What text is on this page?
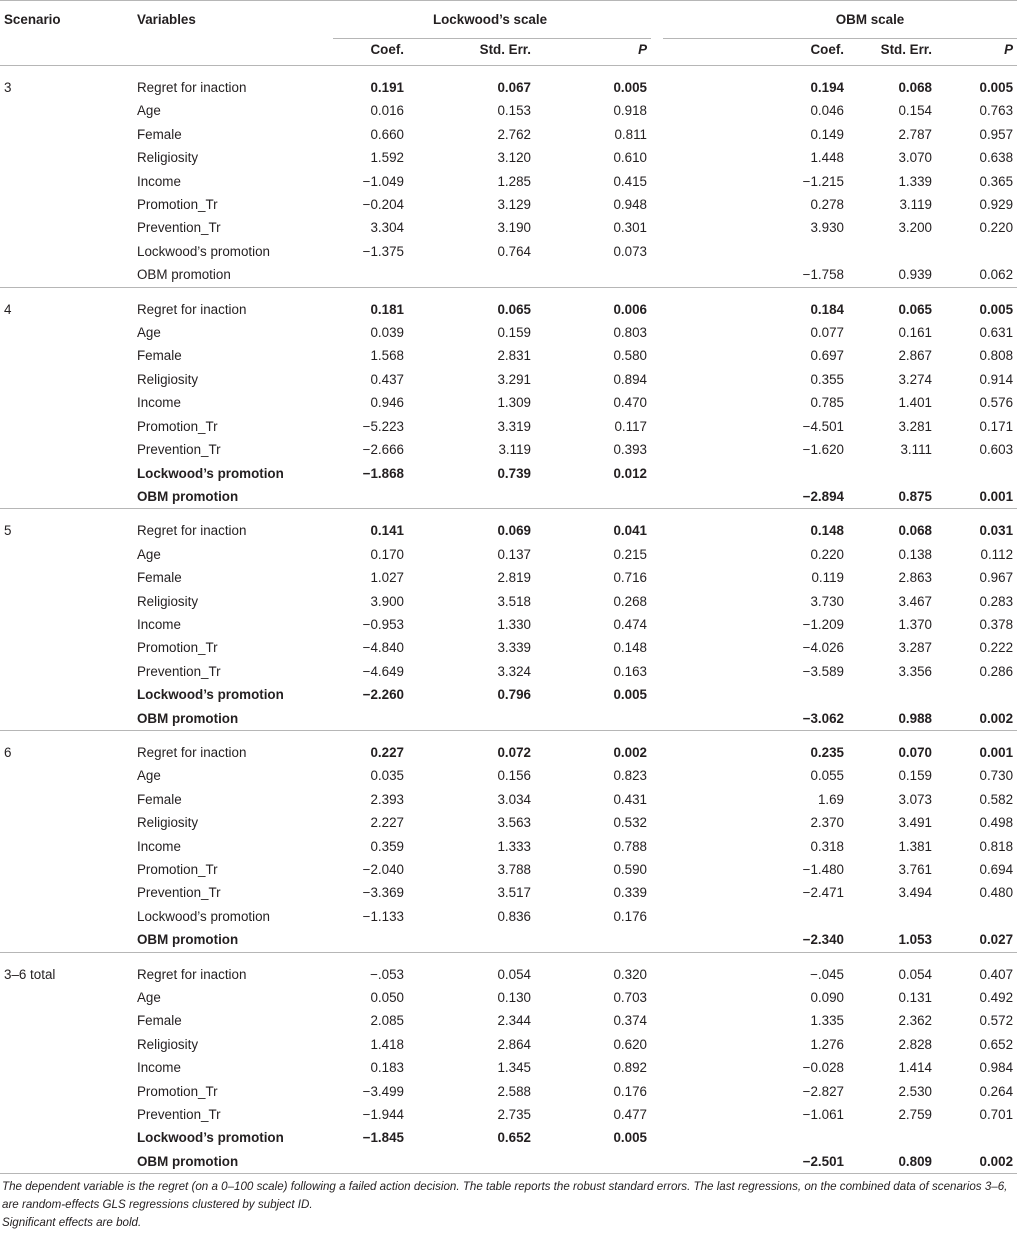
Scenario	Variables	Lockwood’s scale				OBM scale		

		Coef.	Std. Err.	P	Coef.		Std. Err.	P
3	Regret for inaction	0.191	0.067	0.005		0.194	0.068	0.005
	Age	0.016	0.153	0.918		0.046	0.154	0.763
	Female	0.660	2.762	0.811		0.149	2.787	0.957
	Religiosity	1.592	3.120	0.610		1.448	3.070	0.638
	Income	−1.049	1.285	0.415		−1.215	1.339	0.365
	Promotion_Tr	−0.204	3.129	0.948		0.278	3.119	0.929
	Prevention_Tr	3.304	3.190	0.301		3.930	3.200	0.220
	Lockwood’s promotion	−1.375	0.764	0.073				
	OBM promotion					−1.758	0.939	0.062
4	Regret for inaction	0.181	0.065	0.006		0.184	0.065	0.005
	Age	0.039	0.159	0.803		0.077	0.161	0.631
	Female	1.568	2.831	0.580		0.697	2.867	0.808
	Religiosity	0.437	3.291	0.894		0.355	3.274	0.914
	Income	0.946	1.309	0.470		0.785	1.401	0.576
	Promotion_Tr	−5.223	3.319	0.117		−4.501	3.281	0.171
	Prevention_Tr	−2.666	3.119	0.393		−1.620	3.111	0.603
	Lockwood’s promotion	−1.868	0.739	0.012				
	OBM promotion					−2.894	0.875	0.001
5	Regret for inaction	0.141	0.069	0.041		0.148	0.068	0.031
	Age	0.170	0.137	0.215		0.220	0.138	0.112
	Female	1.027	2.819	0.716		0.119	2.863	0.967
	Religiosity	3.900	3.518	0.268		3.730	3.467	0.283
	Income	−0.953	1.330	0.474		−1.209	1.370	0.378
	Promotion_Tr	−4.840	3.339	0.148		−4.026	3.287	0.222
	Prevention_Tr	−4.649	3.324	0.163		−3.589	3.356	0.286
	Lockwood’s promotion	−2.260	0.796	0.005				
	OBM promotion					−3.062	0.988	0.002
6	Regret for inaction	0.227	0.072	0.002		0.235	0.070	0.001
	Age	0.035	0.156	0.823		0.055	0.159	0.730
	Female	2.393	3.034	0.431		1.69	3.073	0.582
	Religiosity	2.227	3.563	0.532		2.370	3.491	0.498
	Income	0.359	1.333	0.788		0.318	1.381	0.818
	Promotion_Tr	−2.040	3.788	0.590		−1.480	3.761	0.694
	Prevention_Tr	−3.369	3.517	0.339		−2.471	3.494	0.480
	Lockwood’s promotion	−1.133	0.836	0.176				
	OBM promotion					−2.340	1.053	0.027
3–6 total	Regret for inaction	−.053	0.054	0.320		−.045	0.054	0.407
	Age	0.050	0.130	0.703		0.090	0.131	0.492
	Female	2.085	2.344	0.374		1.335	2.362	0.572
	Religiosity	1.418	2.864	0.620		1.276	2.828	0.652
	Income	0.183	1.345	0.892		−0.028	1.414	0.984
	Promotion_Tr	−3.499	2.588	0.176		−2.827	2.530	0.264
	Prevention_Tr	−1.944	2.735	0.477		−1.061	2.759	0.701
	Lockwood’s promotion	−1.845	0.652	0.005				
	OBM promotion					−2.501	0.809	0.002

The dependent variable is the regret (on a 0–100 scale) following a failed action decision. The table reports the robust standard errors. The last regressions, on the combined data of scenarios 3–6, are random-effects GLS regressions clustered by subject ID.

Significant effects are bold.
